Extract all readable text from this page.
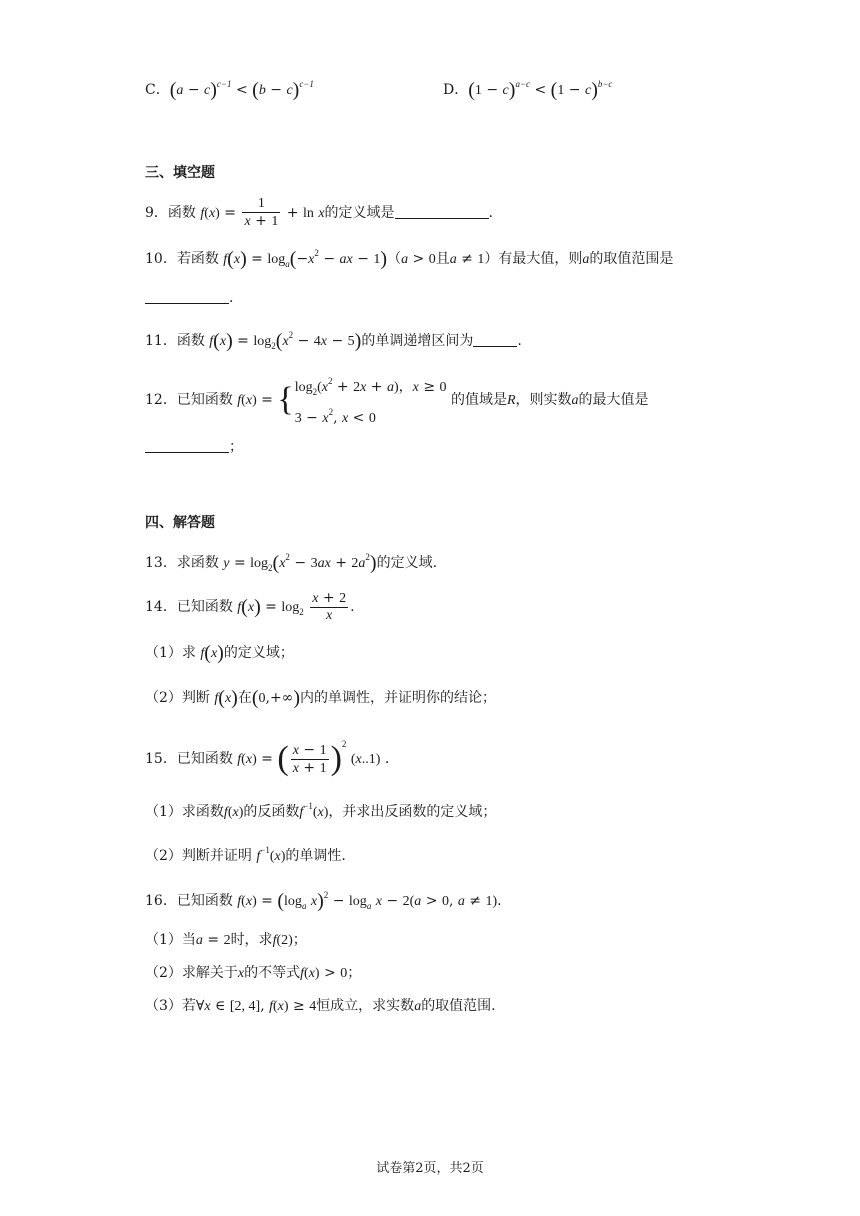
C．$(a - c)^{c-1} < (b - c)^{c-1}$	D．$(1 - c)^{a-c} < (1 - c)^{b-c}$
三、填空题
9．函数 $f(x) = \frac{1}{x + 1} + \ln x$的定义域是	.
10．若函数 $f(x) = \log_a(-x^2$ − ax − 1)（a > 0且a ≠ 1）有最大值，则a的取值范围是
.
11．函数 $f(x) = \log_2(x^2 - 4x - 5)$的单调递增区间为	.
12．已知函数 f(x) = { $\log_2(x^2 + 2x + a)$，x ≥ 0
$3 - x^2$, x < 0
的值域是R，则实数a的最大值是
；
四、解答题
13．求函数 $y = \log_2(x^2 - 3ax + 2a^2)$的定义域.
14．已知函数 $f(x) = \log_2 \frac{x + 2}{x}$ .
（1）求 f(x)的定义域；
（2）判断 f(x)在(0,+∞)内的单调性，并证明你的结论；
15．已知函数 f(x) = ( $\frac{x - 1}{x + 1} )^2$ (x..1) .
（1）求函数f(x)的反函数$f^{-1}(x)$，并求出反函数的定义域；
（2）判断并证明 $f^{-1}(x)$的单调性.
16．已知函数 $f(x) = (\log_a$ $x)^2 - \log_a x - 2(a > 0$, a ≠ 1).
（1）当a = 2时，求f(2)；
（2）求解关于x的不等式f(x) > 0；
（3）若∀x ∈ [2, 4], f(x) ≥ 4恒成立，求实数a的取值范围.
试卷第2页，共2页
